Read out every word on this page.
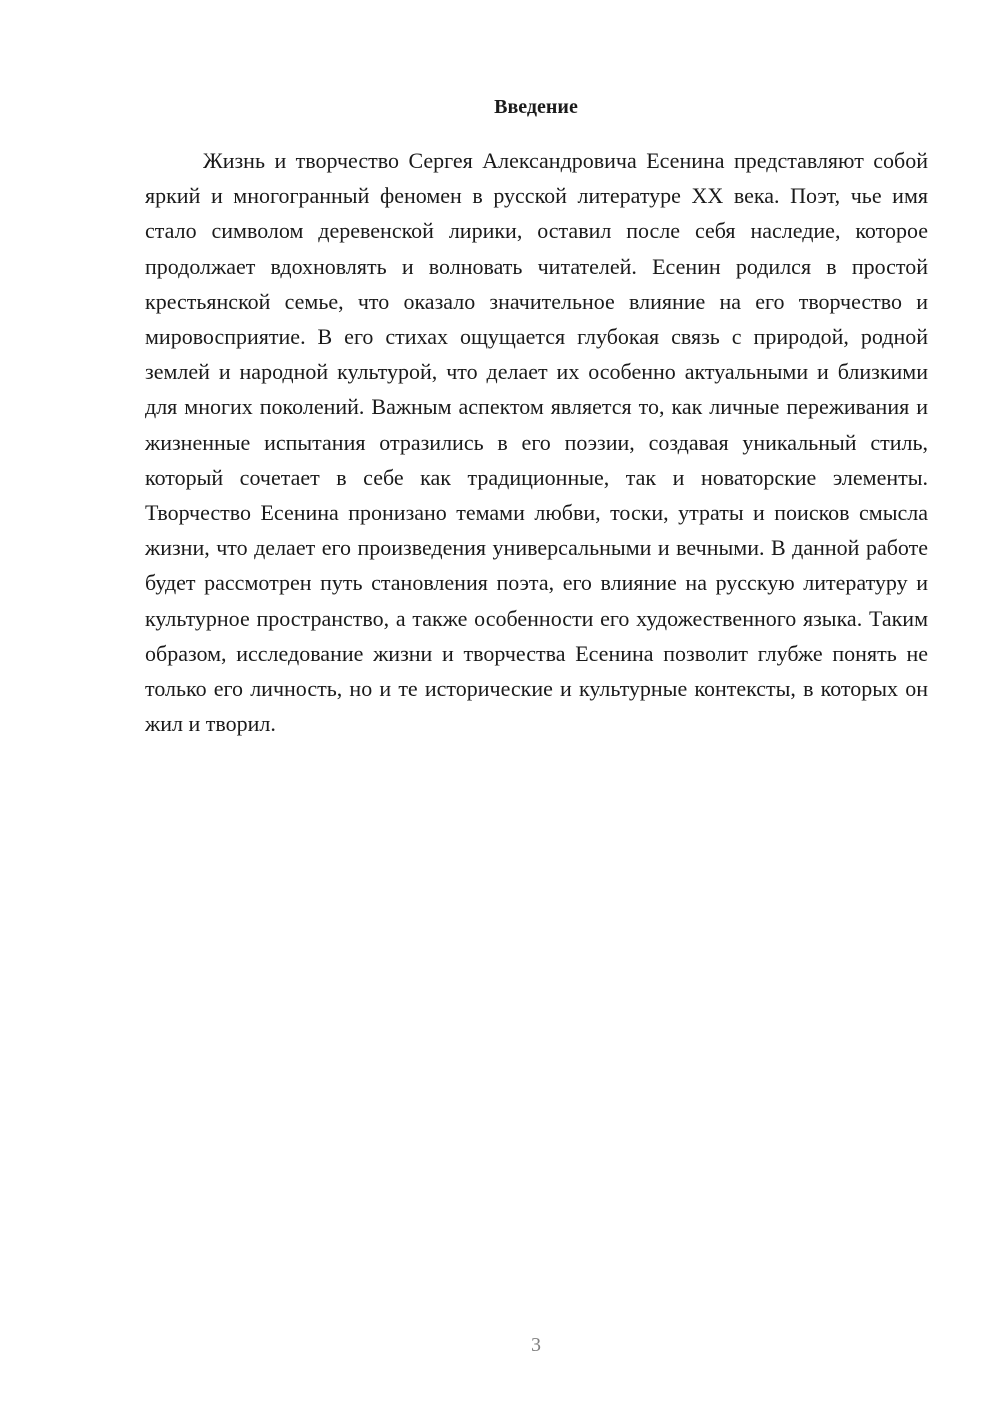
Введение

Жизнь и творчество Сергея Александровича Есенина представляют собой яркий и многогранный феномен в русской литературе XX века. Поэт, чье имя стало символом деревенской лирики, оставил после себя наследие, которое продолжает вдохновлять и волновать читателей. Есенин родился в простой крестьянской семье, что оказало значительное влияние на его творчество и мировосприятие. В его стихах ощущается глубокая связь с природой, родной землей и народной культурой, что делает их особенно актуальными и близкими для многих поколений. Важным аспектом является то, как личные переживания и жизненные испытания отразились в его поэзии, создавая уникальный стиль, который сочетает в себе как традиционные, так и новаторские элементы. Творчество Есенина пронизано темами любви, тоски, утраты и поисков смысла жизни, что делает его произведения универсальными и вечными. В данной работе будет рассмотрен путь становления поэта, его влияние на русскую литературу и культурное пространство, а также особенности его художественного языка. Таким образом, исследование жизни и творчества Есенина позволит глубже понять не только его личность, но и те исторические и культурные контексты, в которых он жил и творил.

3
